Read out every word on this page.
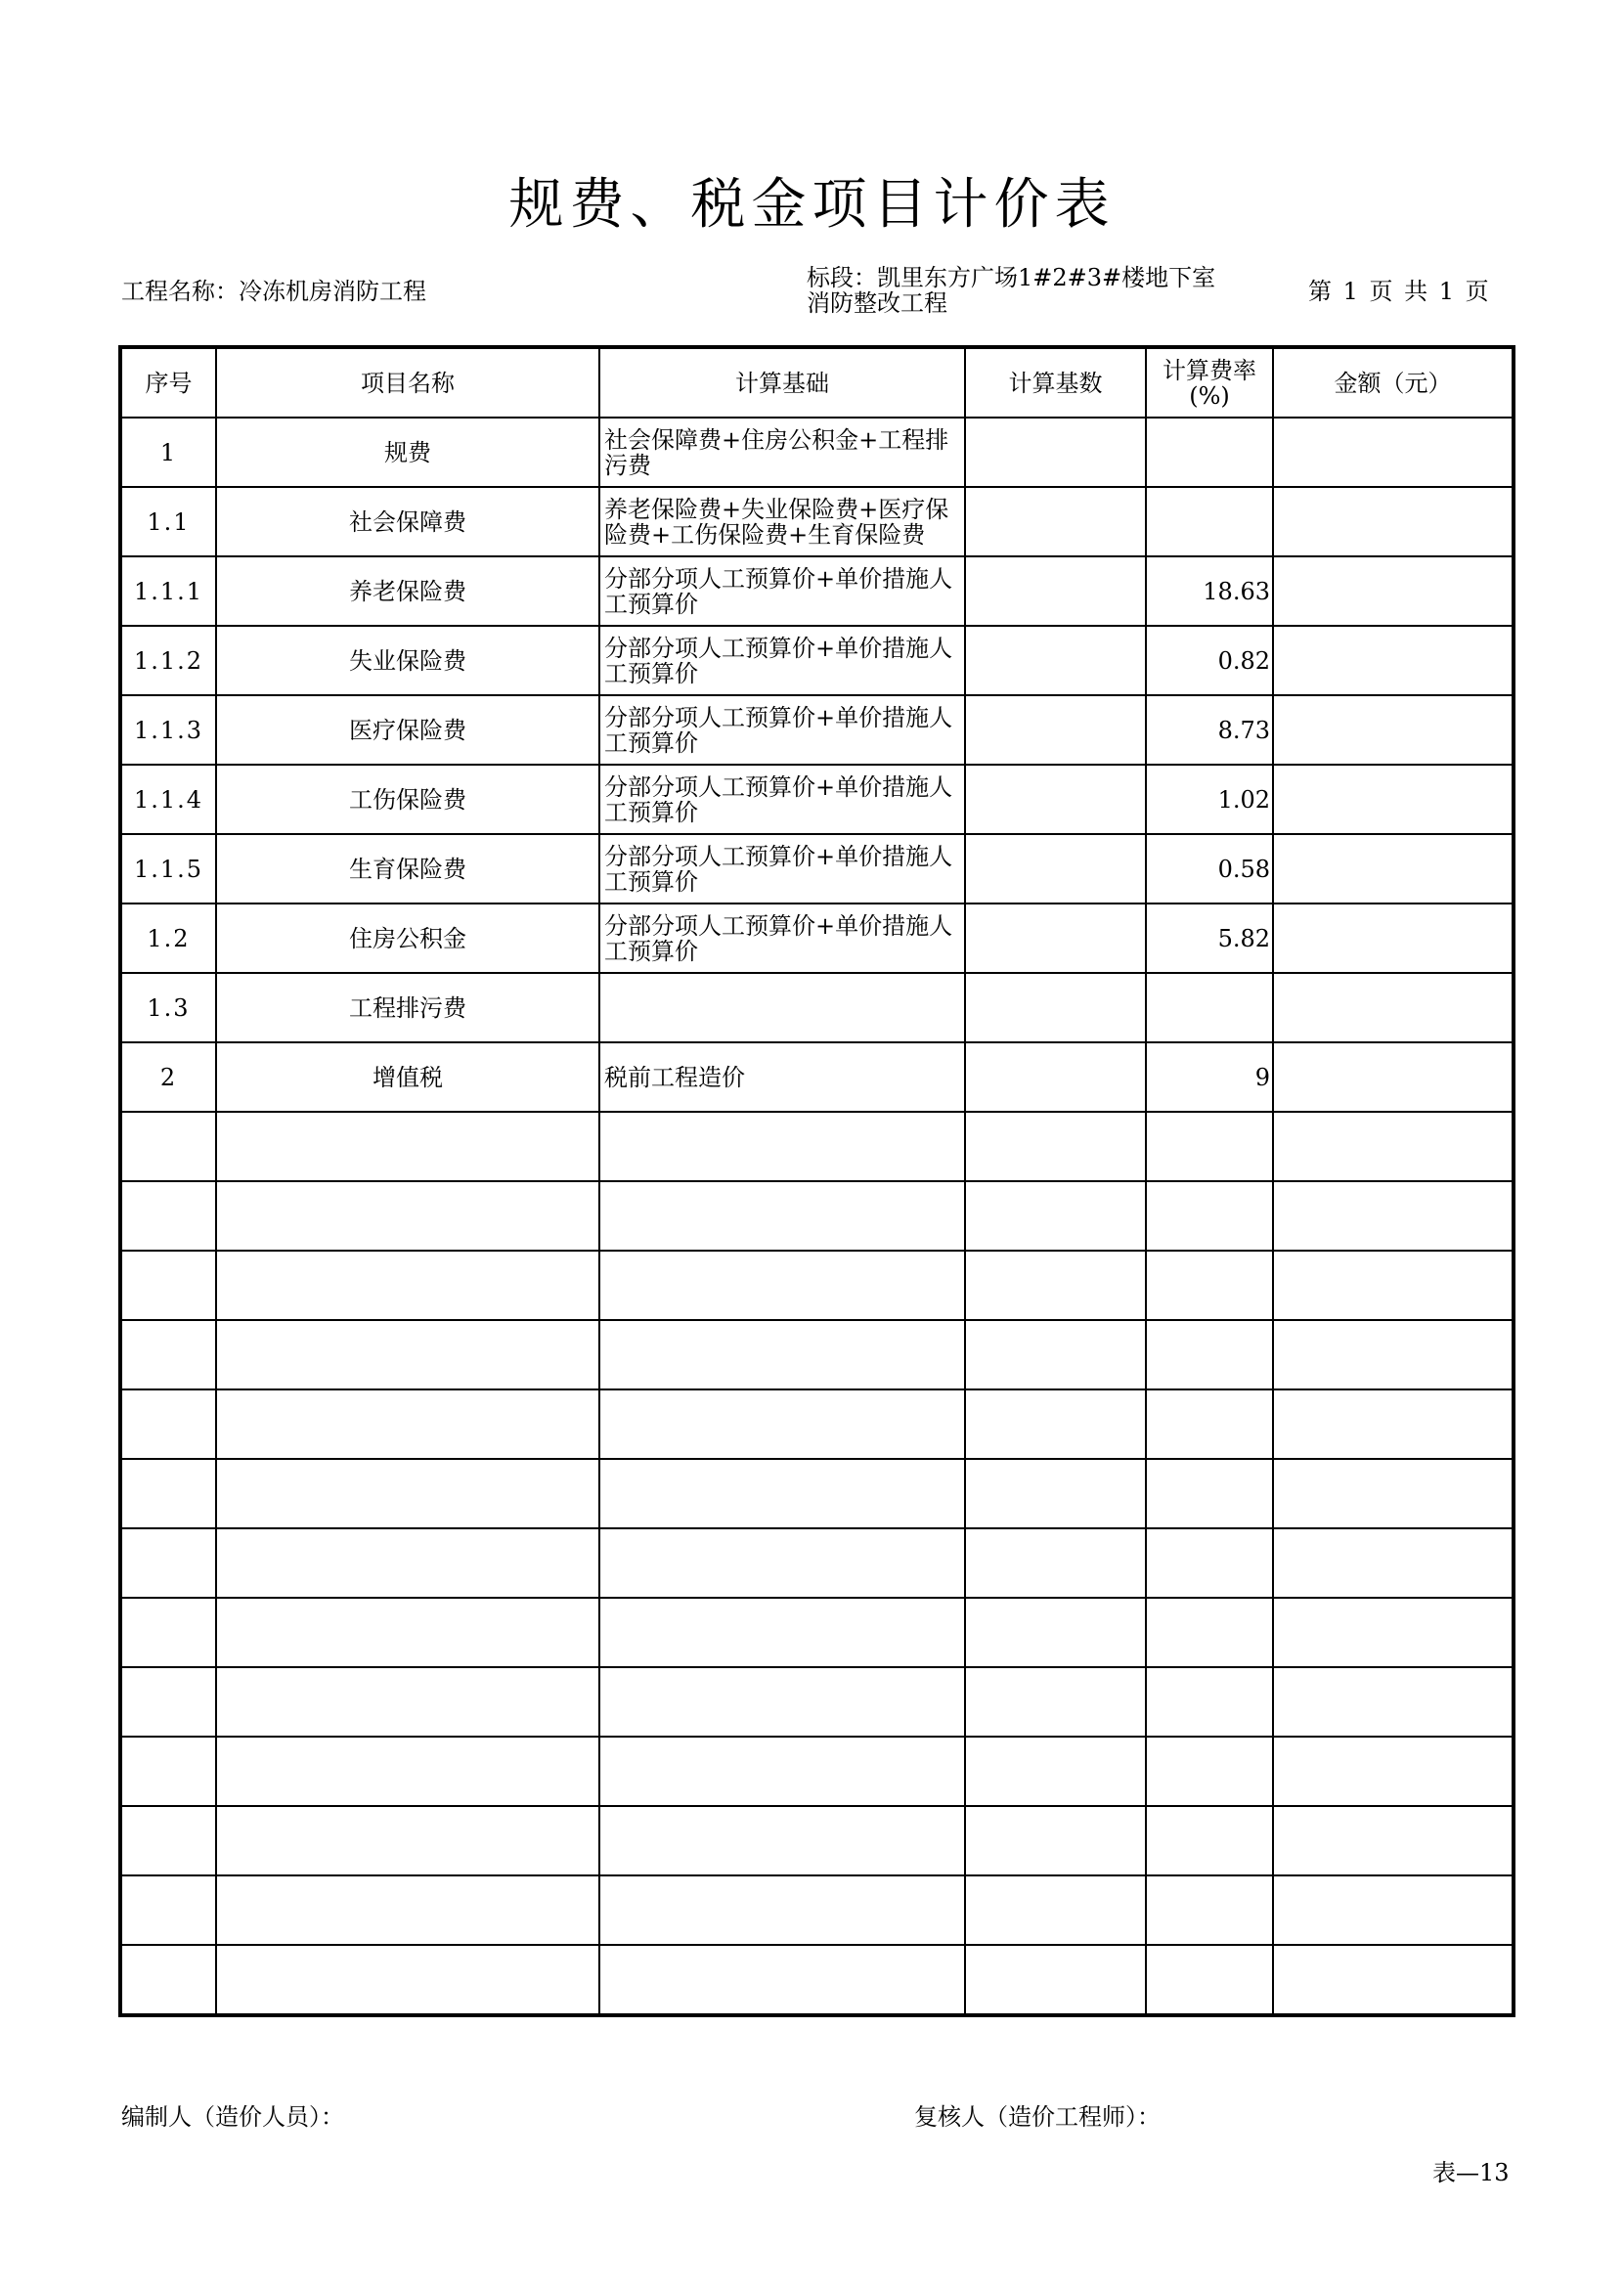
规费、税金项目计价表
工程名称：冷冻机房消防工程	标段：凯里东方广场1#2#3#楼地下室消防整改工程	第 1 页 共 1 页
序号	项目名称	计算基础	计算基数	计算费率(%)	金额（元）
1	规费	社会保障费+住房公积金+工程排污费			
1.1	社会保障费	养老保险费+失业保险费+医疗保险费+工伤保险费+生育保险费			
1.1.1	养老保险费	分部分项人工预算价+单价措施人工预算价		18.63	
1.1.2	失业保险费	分部分项人工预算价+单价措施人工预算价		0.82	
1.1.3	医疗保险费	分部分项人工预算价+单价措施人工预算价		8.73	
1.1.4	工伤保险费	分部分项人工预算价+单价措施人工预算价		1.02	
1.1.5	生育保险费	分部分项人工预算价+单价措施人工预算价		0.58	
1.2	住房公积金	分部分项人工预算价+单价措施人工预算价		5.82	
1.3	工程排污费				
2	增值税	税前工程造价		9	

编制人（造价人员）：	复核人（造价工程师）：
表—13
